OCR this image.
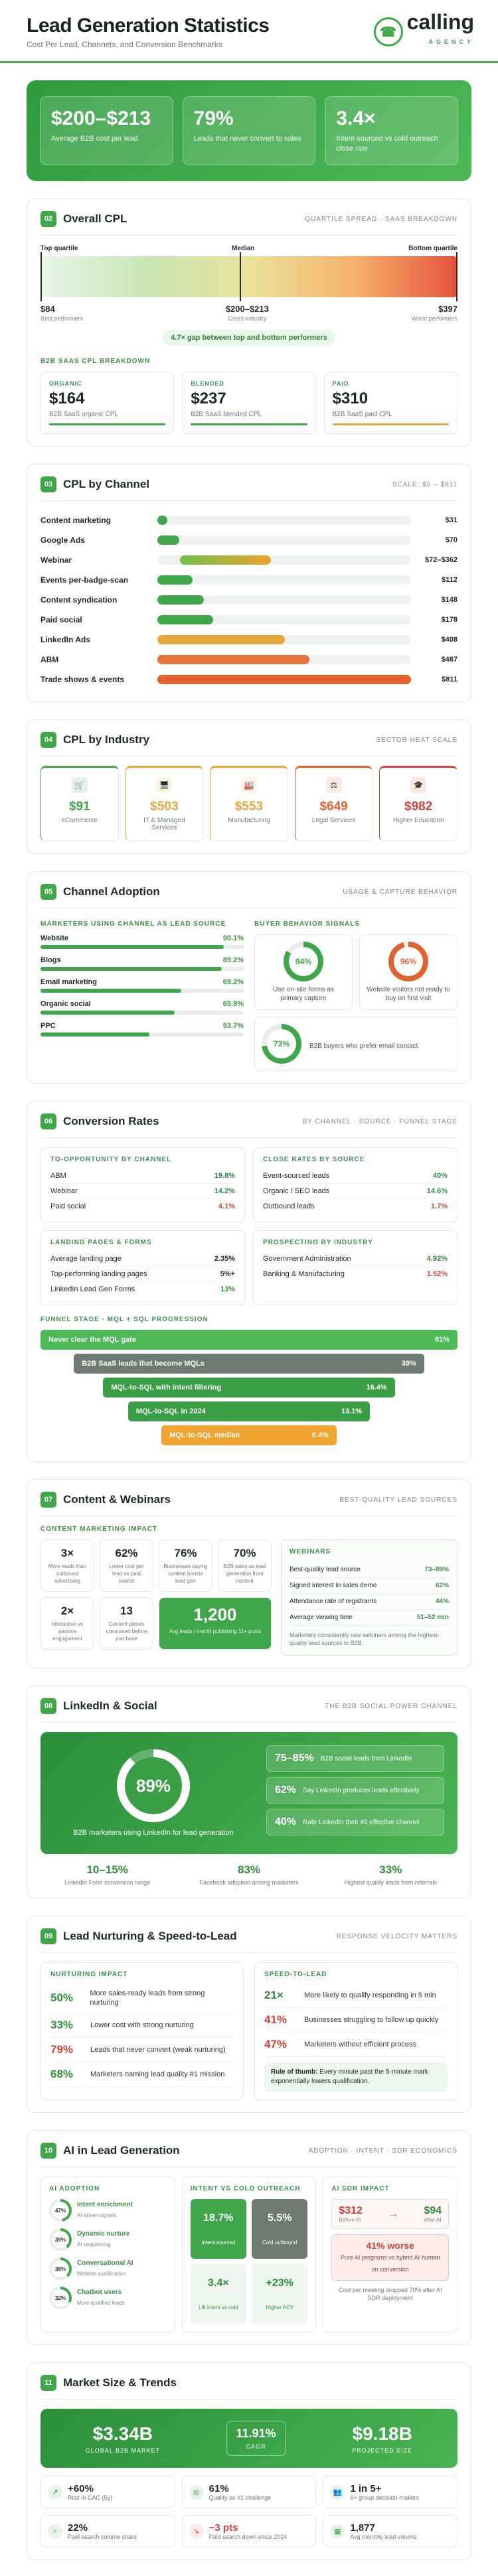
Lead Generation Statistics
Cost Per Lead, Channels, and Conversion Benchmarks
☎ calling
AGENCY
$200–$213
Average B2B cost per lead
79%
Leads that never convert to sales
3.4×
Intent-sourced vs cold outreach close rate
02 Overall CPL	QUARTILE SPREAD · SAAS BREAKDOWN
Top quartile	Median	Bottom quartile
$84
Best performers
$200–$213
Cross-industry
$397
Worst performers
4.7× gap between top and bottom performers
B2B SAAS CPL BREAKDOWN
ORGANIC
$164
B2B SaaS organic CPL
BLENDED
$237
B2B SaaS blended CPL
PAID
$310
B2B SaaS paid CPL
03 CPL by Channel	SCALE: $0 – $811
Content marketing	$31
Google Ads	$70
Webinar	$72–$362
Events per-badge-scan	$112
Content syndication	$148
Paid social	$178
LinkedIn Ads	$408
ABM	$487
Trade shows & events	$811
04 CPL by Industry	SECTOR HEAT SCALE
🛒
$91
eCommerce
🖥
$503
IT & Managed Services
🏭
$553
Manufacturing
⚖
$649
Legal Services
🎓
$982
Higher Education
05 Channel Adoption	USAGE & CAPTURE BEHAVIOR
MARKETERS USING CHANNEL AS LEAD SOURCE
Website	90.1%
Blogs	89.2%
Email marketing	69.2%
Organic social	65.9%
PPC	53.7%
BUYER BEHAVIOR SIGNALS
84%
Use on-site forms as primary capture
96%
Website visitors not ready to buy on first visit
73%	B2B buyers who prefer email contact
06 Conversion Rates	BY CHANNEL · SOURCE · FUNNEL STAGE
TO-OPPORTUNITY BY CHANNEL
ABM	19.8%
Webinar	14.2%
Paid social	4.1%
CLOSE RATES BY SOURCE
Event-sourced leads	40%
Organic / SEO leads	14.6%
Outbound leads	1.7%
LANDING PAGES & FORMS
Average landing page	2.35%
Top-performing landing pages	5%+
LinkedIn Lead Gen Forms	13%
PROSPECTING BY INDUSTRY
Government Administration	4.92%
Banking & Manufacturing	1.52%
FUNNEL STAGE · MQL + SQL PROGRESSION
Never clear the MQL gate	61%
B2B SaaS leads that become MQLs	39%
MQL-to-SQL with intent filtering	16.4%
MQL-to-SQL in 2024	13.1%
MQL-to-SQL median	8.4%
07 Content & Webinars	BEST-QUALITY LEAD SOURCES
CONTENT MARKETING IMPACT
3×
More leads than outbound advertising
62%
Lower cost per lead vs paid search
76%
Businesses saying content boosts lead gen
70%
B2B sales as lead generation from content
2×
Interactive vs passive engagement
13
Content pieces consumed before purchase
1,200
Avg leads / month publishing 11+ posts
WEBINARS
Best-quality lead source	73–89%
Signed interest in sales demo	62%
Attendance rate of registrants	44%
Average viewing time	51–52 min
Marketers consistently rate webinars among the highest-quality lead sources in B2B.
08 LinkedIn & Social	THE B2B SOCIAL POWER CHANNEL
89%
B2B marketers using LinkedIn for lead generation
75–85% B2B social leads from LinkedIn
62% Say LinkedIn produces leads effectively
40% Rate LinkedIn their #1 effective channel
10–15%
LinkedIn Form conversion range
83%
Facebook adoption among marketers
33%
Highest quality leads from referrals
09 Lead Nurturing & Speed-to-Lead	RESPONSE VELOCITY MATTERS
NURTURING IMPACT
50%	More sales-ready leads from strong nurturing
33%	Lower cost with strong nurturing
79%	Leads that never convert (weak nurturing)
68%	Marketers naming lead quality #1 mission
SPEED-TO-LEAD
21×	More likely to qualify responding in 5 min
41%	Businesses struggling to follow up quickly
47%	Marketers without efficient process
Rule of thumb: Every minute past the 5-minute mark exponentially lowers qualification.
10 AI in Lead Generation	ADOPTION · INTENT · SDR ECONOMICS
AI ADOPTION
47%
Intent enrichment
AI-driven signals
39%
Dynamic nurture
AI sequencing
38%
Conversational AI
Website qualification
32%
Chatbot users
More qualified leads
INTENT VS COLD OUTREACH
18.7%
Intent-sourced
5.5%
Cold outbound
3.4×
Lift intent vs cold
+23%
Higher ACV
AI SDR IMPACT
$312
Before AI
→ $94
After AI
41% worse
Pure AI programs vs hybrid AI-human on conversion
Cost per meeting dropped 70% after AI SDR deployment
11 Market Size & Trends
$3.34B
GLOBAL B2B MARKET
11.91%
CAGR
$9.18B
PROJECTED SIZE
↗ +60%
Rise in CAC (5y)
◎ 61%
Quality as #1 challenge
👥 1 in 5+
6+ group decision-makers
⌕	22%
Paid search volume share
↘ −3 pts
Paid search down since 2024
▦ 1,877
Avg monthly lead volume
